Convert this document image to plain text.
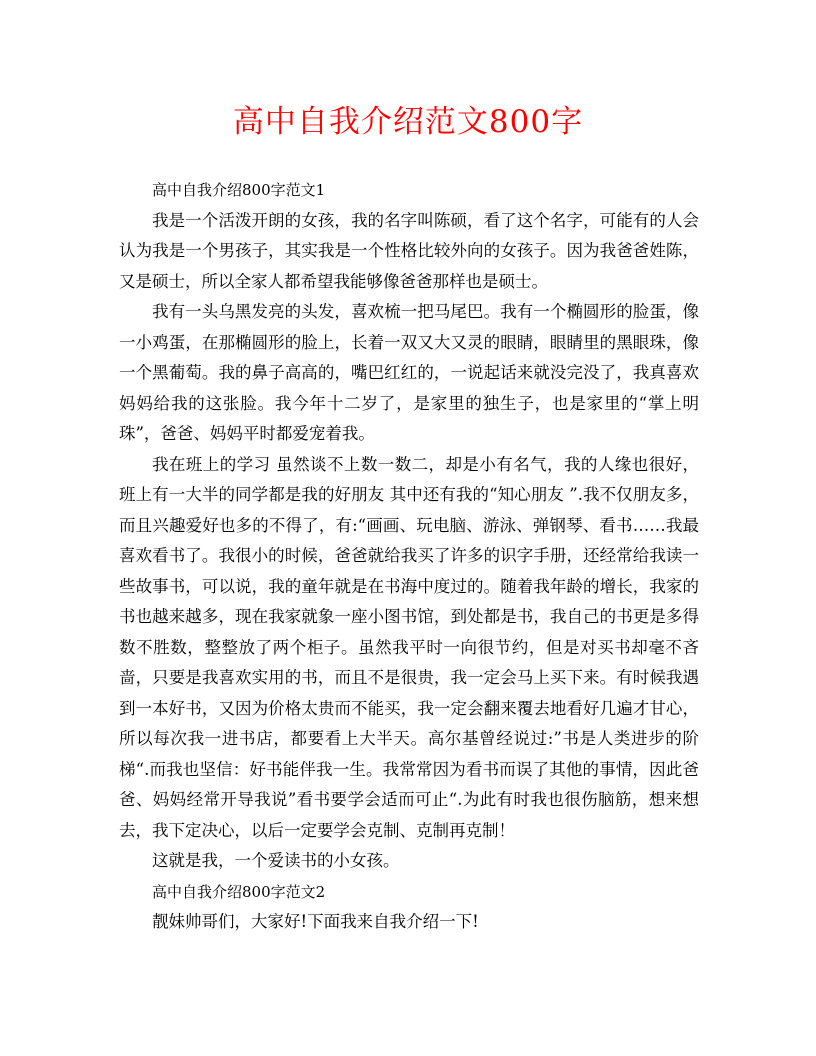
高中自我介绍范文800字

高中自我介绍800字范文1

我是一个活泼开朗的女孩，我的名字叫陈硕，看了这个名字，可能有的人会认为我是一个男孩子，其实我是一个性格比较外向的女孩子。因为我爸爸姓陈，又是硕士，所以全家人都希望我能够像爸爸那样也是硕士。

我有一头乌黑发亮的头发，喜欢梳一把马尾巴。我有一个椭圆形的脸蛋，像一小鸡蛋，在那椭圆形的脸上，长着一双又大又灵的眼睛，眼睛里的黑眼珠，像一个黑葡萄。我的鼻子高高的，嘴巴红红的，一说起话来就没完没了，我真喜欢妈妈给我的这张脸。我今年十二岁了，是家里的独生子，也是家里的“掌上明珠”，爸爸、妈妈平时都爱宠着我。

我在班上的学习 虽然谈不上数一数二，却是小有名气，我的人缘也很好，班上有一大半的同学都是我的好朋友 其中还有我的“知心朋友 ”.我不仅朋友多，而且兴趣爱好也多的不得了，有:“画画、玩电脑、游泳、弹钢琴、看书……我最喜欢看书了。我很小的时候，爸爸就给我买了许多的识字手册，还经常给我读一些故事书，可以说，我的童年就是在书海中度过的。随着我年龄的增长，我家的书也越来越多，现在我家就象一座小图书馆，到处都是书，我自己的书更是多得数不胜数，整整放了两个柜子。虽然我平时一向很节约，但是对买书却毫不吝啬，只要是我喜欢实用的书，而且不是很贵，我一定会马上买下来。有时候我遇到一本好书，又因为价格太贵而不能买，我一定会翻来覆去地看好几遍才甘心，所以每次我一进书店，都要看上大半天。高尔基曾经说过:”书是人类进步的阶梯“.而我也坚信：好书能伴我一生。我常常因为看书而误了其他的事情，因此爸爸、妈妈经常开导我说”看书要学会适而可止“.为此有时我也很伤脑筋，想来想去，我下定决心，以后一定要学会克制、克制再克制！

这就是我，一个爱读书的小女孩。

高中自我介绍800字范文2

靓妹帅哥们，大家好!下面我来自我介绍一下!
